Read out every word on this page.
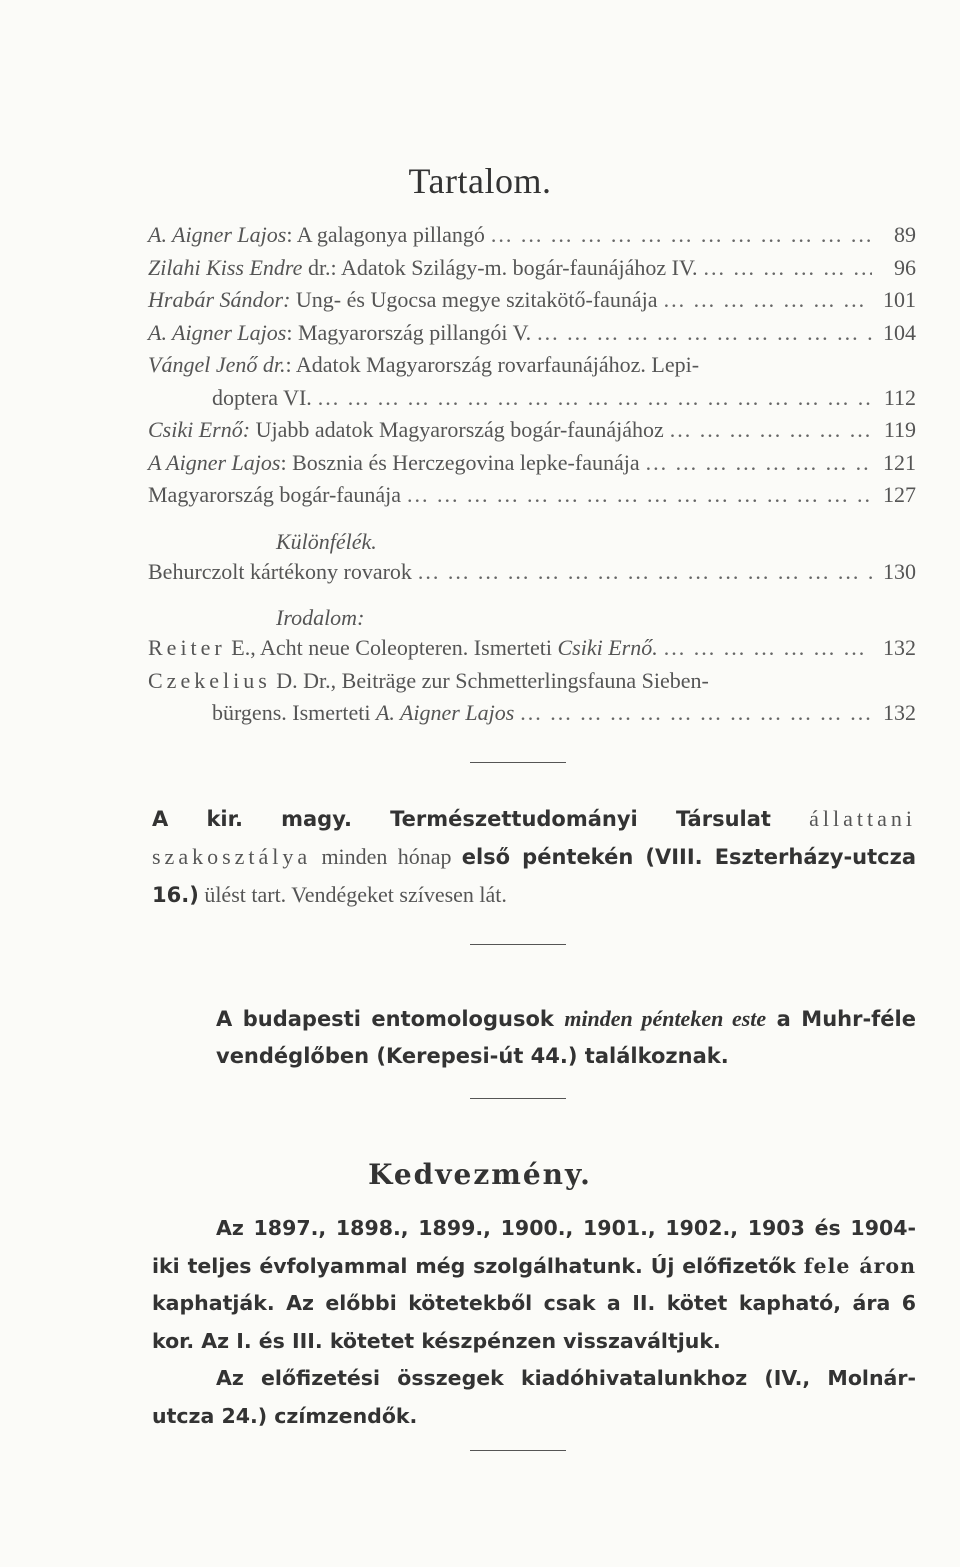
Tartalom.
A. Aigner Lajos: A galagonya pillangó ... .	89
Zilahi Kiss Endre dr.: Adatok Szilágy-m. bogár-faunájához IV. ... .	96
Hrabár Sándor: Ung- és Ugocsa megye szitakötő-faunája ... .	101
A. Aigner Lajos: Magyarország pillangói V. ... .	104
Vángel Jenő dr.: Adatok Magyarország rovarfaunájához. Lepi-
doptera VI. ... .	112
Csiki Ernő: Ujabb adatok Magyarország bogár-faunájához ... .	119
A Aigner Lajos: Bosznia és Herczegovina lepke-faunája ... .	121
Magyarország bogár-faunája ... .	127
Különfélék.
Behurczolt kártékony rovarok ... .	130
Irodalom:
Reiter E., Acht neue Coleopteren. Ismerteti Csiki Ernő. ... .	132
Czekelius D. Dr., Beiträge zur Schmetterlingsfauna Sieben-
bürgens. Ismerteti A. Aigner Lajos ... .	132
A kir. magy. Természettudományi Társulat állattani szakosztálya minden hónap első péntekén (VIII. Eszterházy-utcza 16.) ülést tart. Vendégeket szívesen lát.
A budapesti entomologusok minden pénteken este a Muhr-féle vendéglőben (Kerepesi-út 44.) találkoznak.
Kedvezmény.
Az 1897., 1898., 1899., 1900., 1901., 1902., 1903 és 1904-iki teljes évfolyammal még szolgálhatunk. Új előfizetők fele áron kaphatják. Az előbbi kötetekből csak a II. kötet kapható, ára 6 kor. Az I. és III. kötetet készpénzen visszaváltjuk.
Az előfizetési összegek kiadóhivatalunkhoz (IV., Molnár-utcza 24.) czímzendők.
